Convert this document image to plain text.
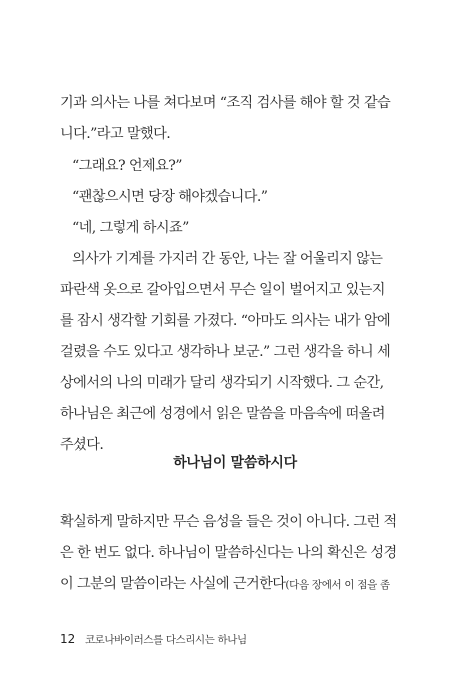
기과 의사는 나를 쳐다보며 “조직 검사를 해야 할 것 같습
니다.”라고 말했다.
“그래요? 언제요?”
“괜찮으시면 당장 해야겠습니다.”
“네, 그렇게 하시죠”
의사가 기계를 가지러 간 동안, 나는 잘 어울리지 않는
파란색 옷으로 갈아입으면서 무슨 일이 벌어지고 있는지
를 잠시 생각할 기회를 가졌다. “아마도 의사는 내가 암에
걸렸을 수도 있다고 생각하나 보군.” 그런 생각을 하니 세
상에서의 나의 미래가 달리 생각되기 시작했다. 그 순간,
하나님은 최근에 성경에서 읽은 말씀을 마음속에 떠올려
주셨다.
하나님이 말씀하시다
확실하게 말하지만 무슨 음성을 들은 것이 아니다. 그런 적
은 한 번도 없다. 하나님이 말씀하신다는 나의 확신은 성경
이 그분의 말씀이라는 사실에 근거한다(다음 장에서 이 점을 좀
12 코로나바이러스를 다스리시는 하나님
